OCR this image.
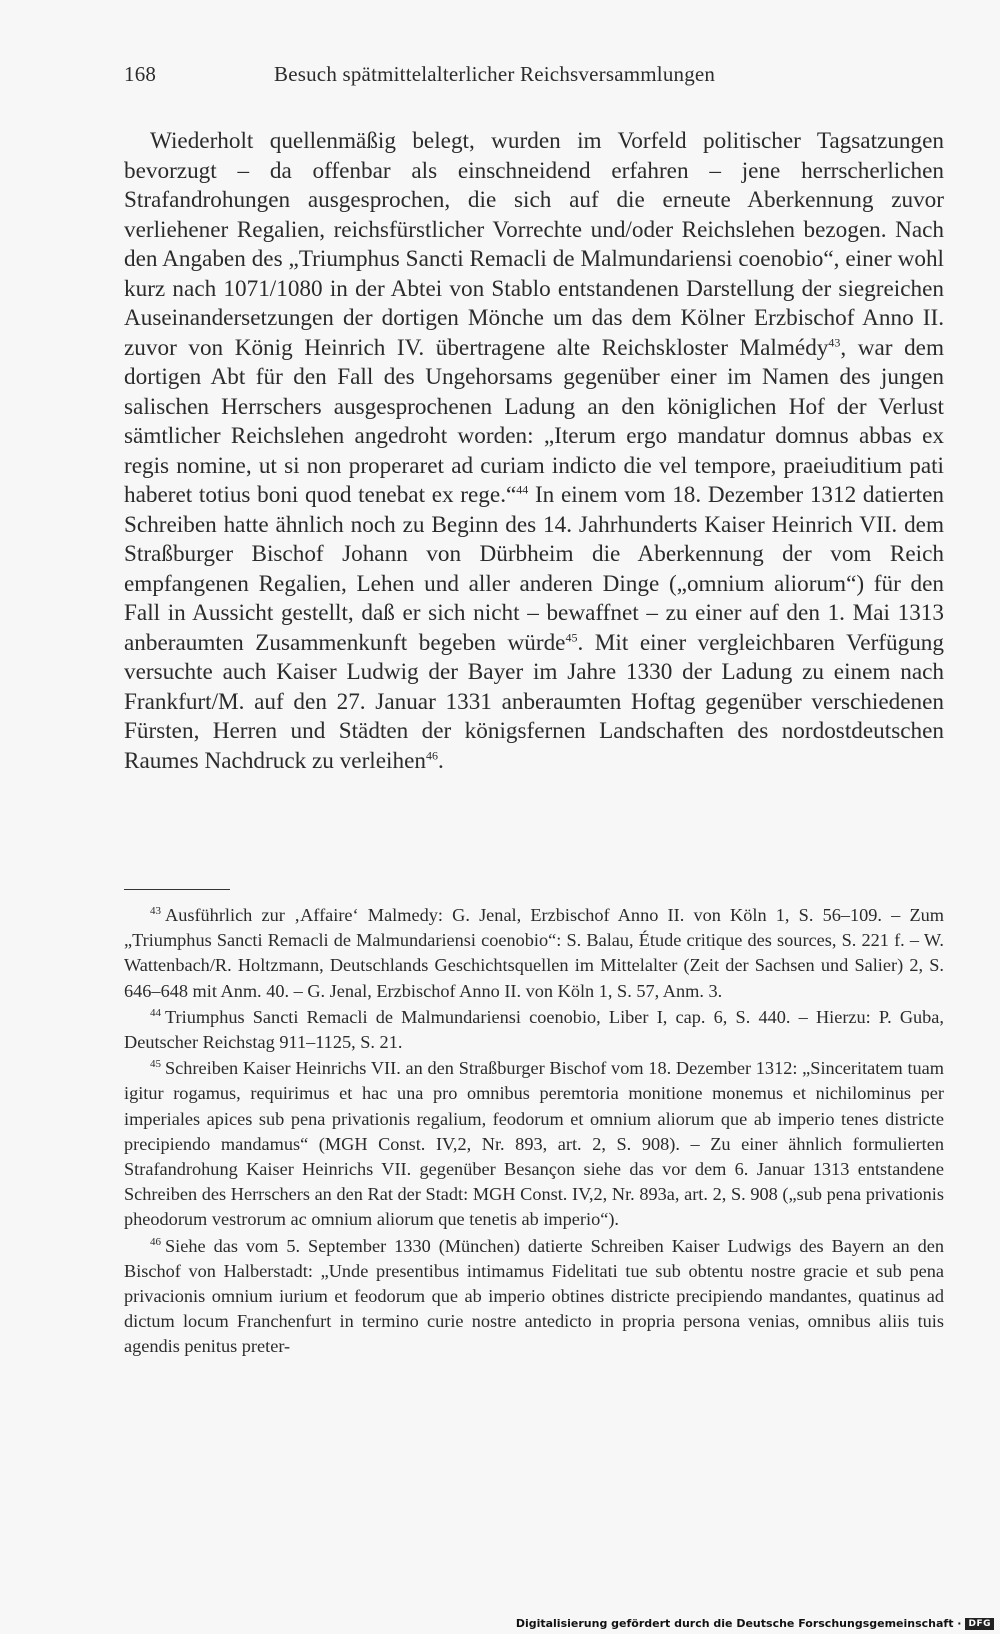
168	Besuch spätmittelalterlicher Reichsversammlungen

Wiederholt quellenmäßig belegt, wurden im Vorfeld politischer Tagsatzungen bevorzugt – da offenbar als einschneidend erfahren – jene herrscherlichen Strafandrohungen ausgesprochen, die sich auf die erneute Aberkennung zuvor verliehener Regalien, reichsfürstlicher Vorrechte und/oder Reichslehen bezogen. Nach den Angaben des „Triumphus Sancti Remacli de Malmundariensi coenobio“, einer wohl kurz nach 1071/1080 in der Abtei von Stablo entstandenen Darstellung der siegreichen Auseinandersetzungen der dortigen Mönche um das dem Kölner Erzbischof Anno II. zuvor von König Heinrich IV. übertragene alte Reichskloster Malmédy$^{43}$, war dem dortigen Abt für den Fall des Ungehorsams gegenüber einer im Namen des jungen salischen Herrschers ausgesprochenen Ladung an den königlichen Hof der Verlust sämtlicher Reichslehen angedroht worden: „Iterum ergo mandatur domnus abbas ex regis nomine, ut si non properaret ad curiam indicto die vel tempore, praeiuditium pati haberet totius boni quod tenebat ex rege.“$^{44}$ In einem vom 18. Dezember 1312 datierten Schreiben hatte ähnlich noch zu Beginn des 14. Jahrhunderts Kaiser Heinrich VII. dem Straßburger Bischof Johann von Dürbheim die Aberkennung der vom Reich empfangenen Regalien, Lehen und aller anderen Dinge („omnium aliorum“) für den Fall in Aussicht gestellt, daß er sich nicht – bewaffnet – zu einer auf den 1. Mai 1313 anberaumten Zusammenkunft begeben würde$^{45}$. Mit einer vergleichbaren Verfügung versuchte auch Kaiser Ludwig der Bayer im Jahre 1330 der Ladung zu einem nach Frankfurt/M. auf den 27. Januar 1331 anberaumten Hoftag gegenüber verschiedenen Fürsten, Herren und Städten der königsfernen Landschaften des nordostdeutschen Raumes Nachdruck zu verleihen$^{46}$.

$^{43}$ Ausführlich zur ‚Affaire‘ Malmedy: G. Jenal, Erzbischof Anno II. von Köln 1, S. 56–109. – Zum „Triumphus Sancti Remacli de Malmundariensi coenobio“: S. Balau, Étude critique des sources, S. 221 f. – W. Wattenbach/R. Holtzmann, Deutschlands Geschichtsquellen im Mittelalter (Zeit der Sachsen und Salier) 2, S. 646–648 mit Anm. 40. – G. Jenal, Erzbischof Anno II. von Köln 1, S. 57, Anm. 3.

$^{44}$ Triumphus Sancti Remacli de Malmundariensi coenobio, Liber I, cap. 6, S. 440. – Hierzu: P. Guba, Deutscher Reichstag 911–1125, S. 21.

$^{45}$ Schreiben Kaiser Heinrichs VII. an den Straßburger Bischof vom 18. Dezember 1312: „Sinceritatem tuam igitur rogamus, requirimus et hac una pro omnibus peremtoria monitione monemus et nichilominus per imperiales apices sub pena privationis regalium, feodorum et omnium aliorum que ab imperio tenes districte precipiendo mandamus“ (MGH Const. IV,2, Nr. 893, art. 2, S. 908). – Zu einer ähnlich formulierten Strafandrohung Kaiser Heinrichs VII. gegenüber Besançon siehe das vor dem 6. Januar 1313 entstandene Schreiben des Herrschers an den Rat der Stadt: MGH Const. IV,2, Nr. 893a, art. 2, S. 908 („sub pena privationis pheodorum vestrorum ac omnium aliorum que tenetis ab imperio“).

$^{46}$ Siehe das vom 5. September 1330 (München) datierte Schreiben Kaiser Ludwigs des Bayern an den Bischof von Halberstadt: „Unde presentibus intimamus Fidelitati tue sub obtentu nostre gracie et sub pena privacionis omnium iurium et feodorum que ab imperio obtines districte precipiendo mandantes, quatinus ad dictum locum Franchenfurt in termino curie nostre antedicto in propria persona venias, omnibus aliis tuis agendis penitus preter-

Digitalisierung gefördert durch die Deutsche Forschungsgemeinschaft · DFG
